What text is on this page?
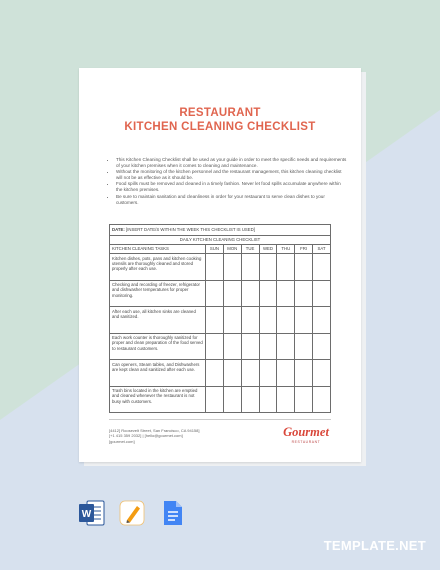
RESTAURANT
KITCHEN CLEANING CHECKLIST
• This Kitchen Cleaning Checklist shall be used as your guide in order to meet the specific needs and requirements of your kitchen premises when it comes to cleaning and maintenance.
• Without the monitoring of the kitchen personnel and the restaurant management, this kitchen cleaning checklist will not be as effective as it should be.
• Food spills must be removed and cleaned in a timely fashion. Never let food spills accumulate anywhere within the kitchen premises.
• Be sure to maintain sanitation and cleanliness in order for your restaurant to serve clean dishes to your customers.
DATE: [INSERT DATE/S WITHIN THE WEEK THIS CHECKLIST IS USED]							
DAILY KITCHEN CLEANING CHECKLIST							
KITCHEN CLEANING TASKS	SUN	MON	TUE	WED	THU	FRI	SAT
Kitchen dishes, pots, pans and kitchen cooking utensils are thoroughly cleaned and stored properly after each use.							
Checking and recording of freezer, refrigerator and dishwasher temperatures for proper monitoring.							
After each use, all kitchen sinks are cleaned and sanitized.							
Each work counter is thoroughly sanitized for proper and clean preparation of the food served to restaurant customers.							
Can openers, Steam tables, and Dishwashers are kept clean and sanitized after each use.							
Trash bins located in the kitchen are emptied and cleaned whenever the restaurant is not busy with customers.							
[4412] Roosevelt Street, San Francisco, CA 94158]
[+1 415 359 2032] | [hello@gourmet.com]
[gourmet.com]
Gourmet
RESTAURANT
W
TEMPLATE.NET
